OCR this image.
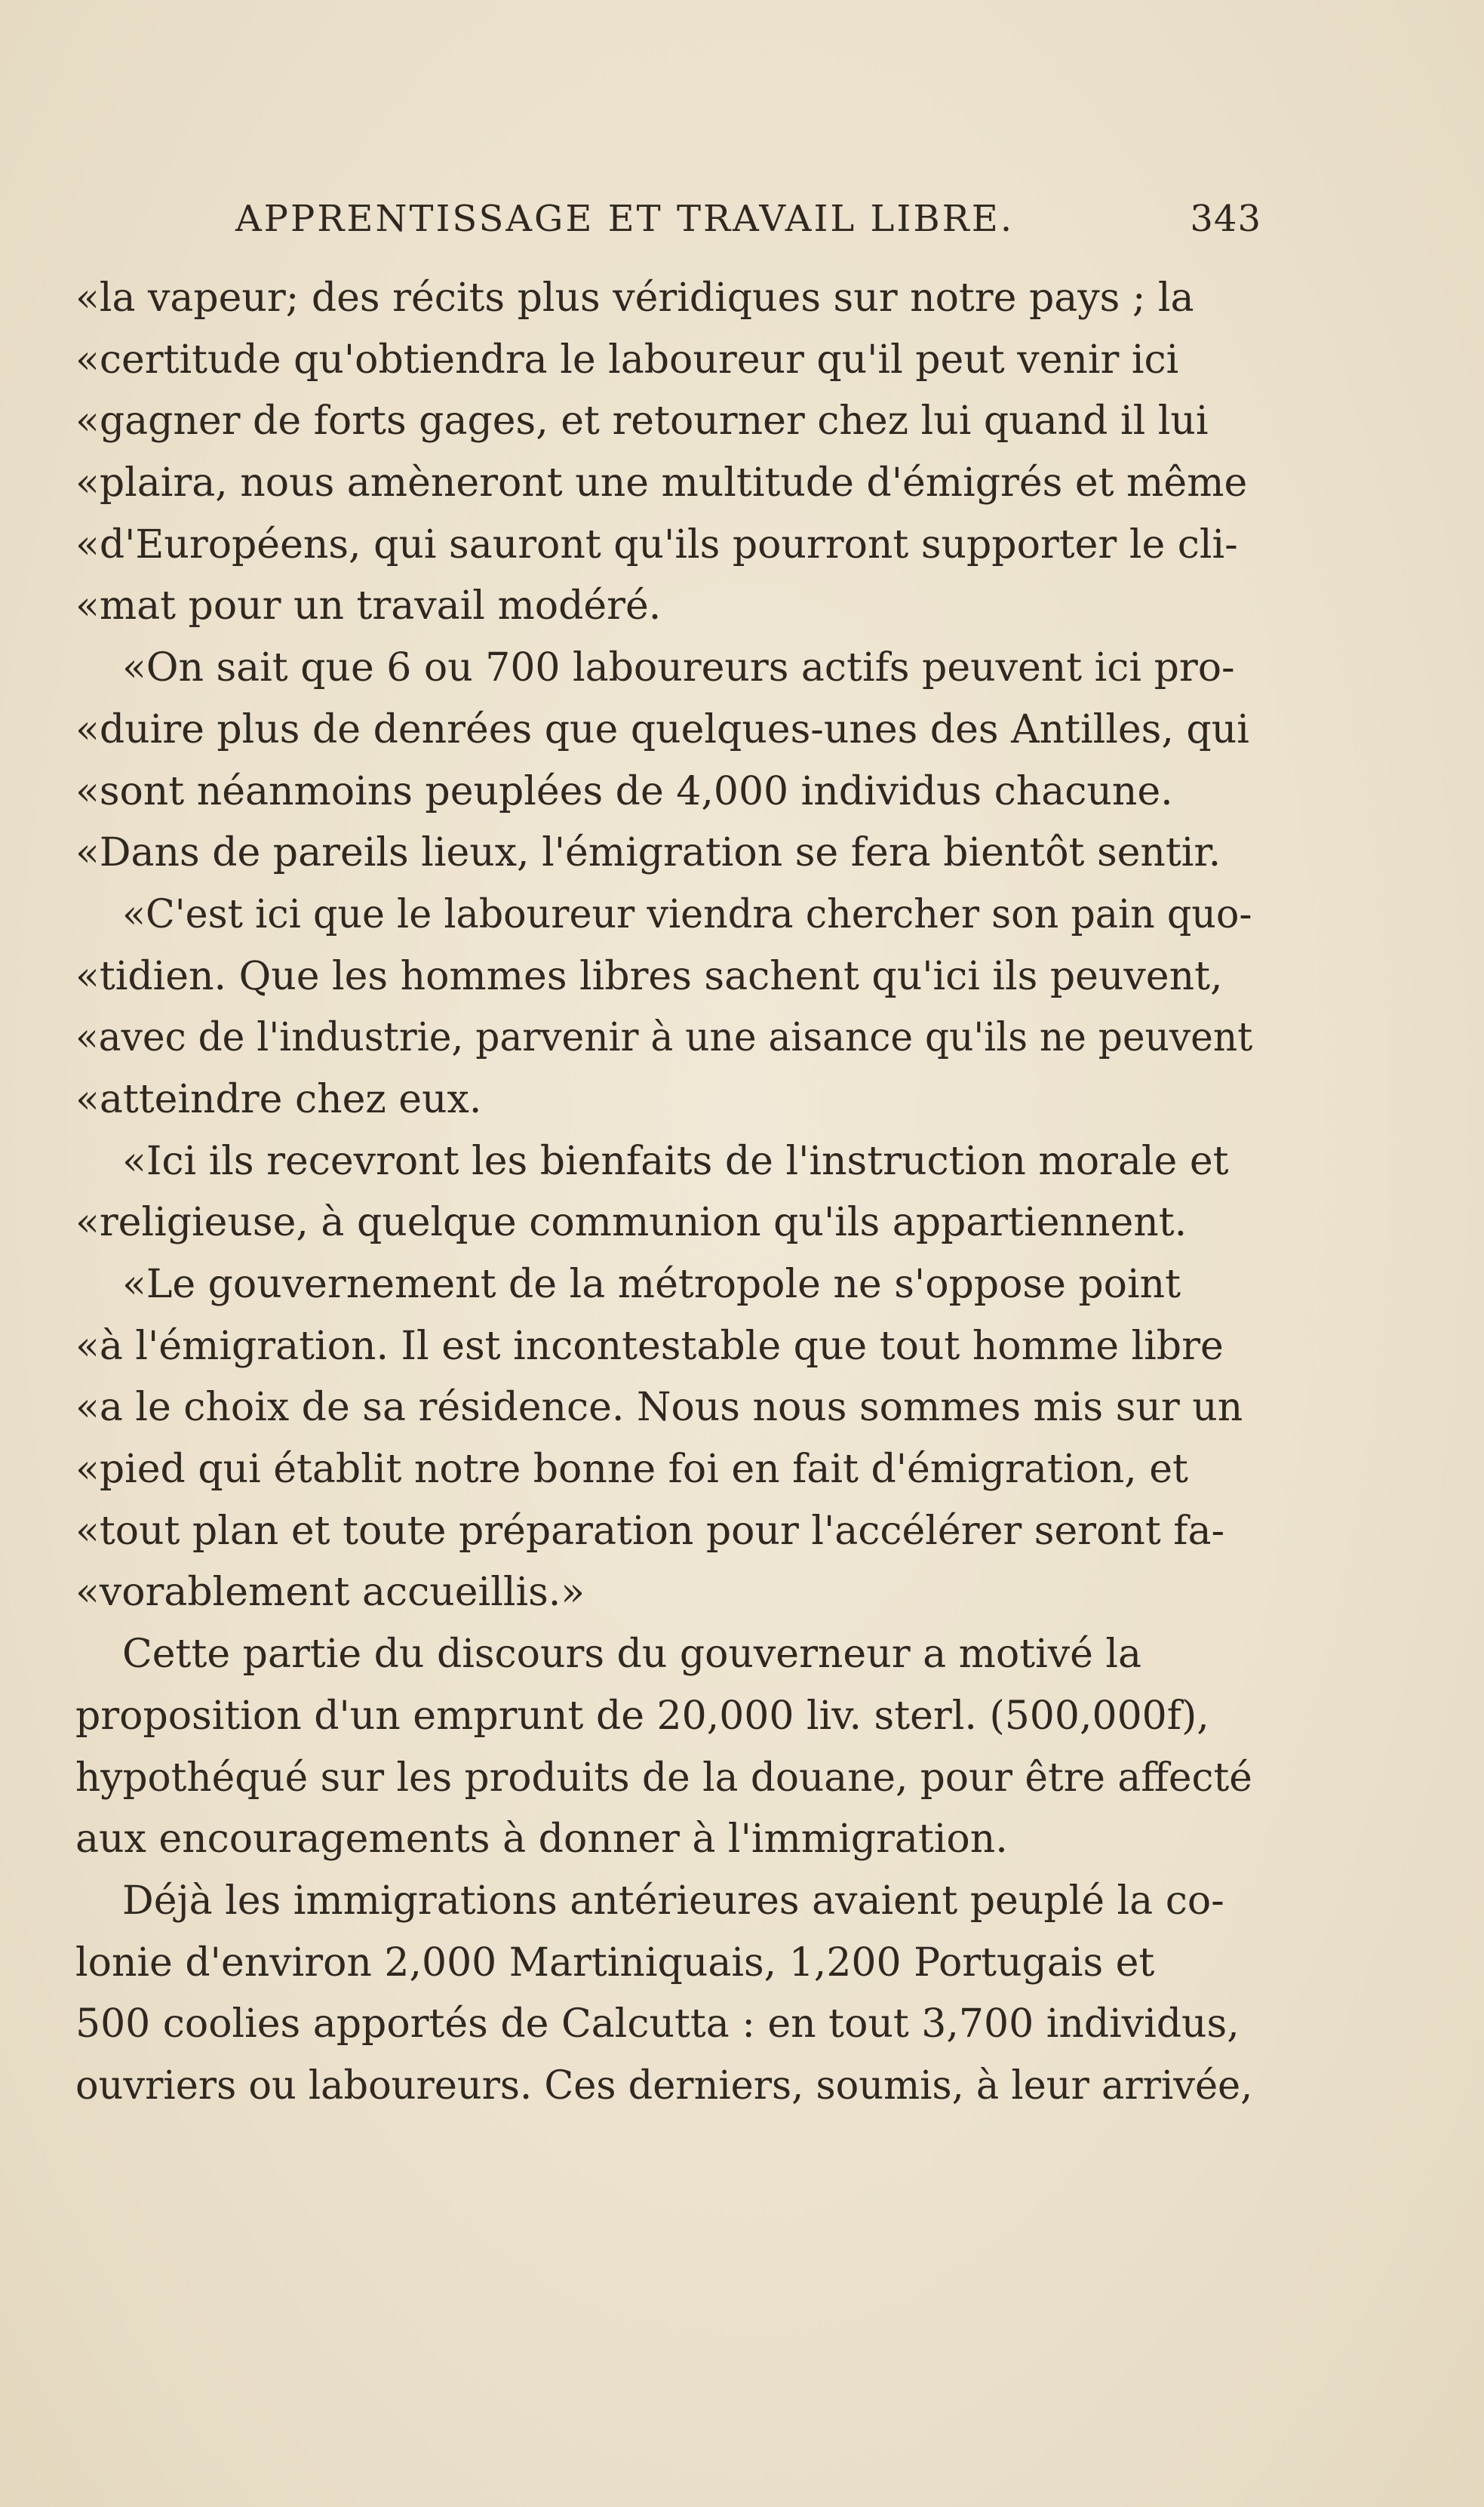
APPRENTISSAGE ET TRAVAIL LIBRE.	343
«la vapeur; des récits plus véridiques sur notre pays ; la
«certitude qu'obtiendra le laboureur qu'il peut venir ici
«gagner de forts gages, et retourner chez lui quand il lui
«plaira, nous amèneront une multitude d'émigrés et même
«d'Européens, qui sauront qu'ils pourront supporter le cli-
«mat pour un travail modéré.
«On sait que 6 ou 700 laboureurs actifs peuvent ici pro-
«duire plus de denrées que quelques-unes des Antilles, qui
«sont néanmoins peuplées de 4,000 individus chacune.
«Dans de pareils lieux, l'émigration se fera bientôt sentir.
«C'est ici que le laboureur viendra chercher son pain quo-
«tidien. Que les hommes libres sachent qu'ici ils peuvent,
«avec de l'industrie, parvenir à une aisance qu'ils ne peuvent
«atteindre chez eux.
«Ici ils recevront les bienfaits de l'instruction morale et
«religieuse, à quelque communion qu'ils appartiennent.
«Le gouvernement de la métropole ne s'oppose point
«à l'émigration. Il est incontestable que tout homme libre
«a le choix de sa résidence. Nous nous sommes mis sur un
«pied qui établit notre bonne foi en fait d'émigration, et
«tout plan et toute préparation pour l'accélérer seront fa-
«vorablement accueillis.»
Cette partie du discours du gouverneur a motivé la
proposition d'un emprunt de 20,000 liv. sterl. (500,000f),
hypothéqué sur les produits de la douane, pour être affecté
aux encouragements à donner à l'immigration.
Déjà les immigrations antérieures avaient peuplé la co-
lonie d'environ 2,000 Martiniquais, 1,200 Portugais et
500 coolies apportés de Calcutta : en tout 3,700 individus,
ouvriers ou laboureurs. Ces derniers, soumis, à leur arrivée,
